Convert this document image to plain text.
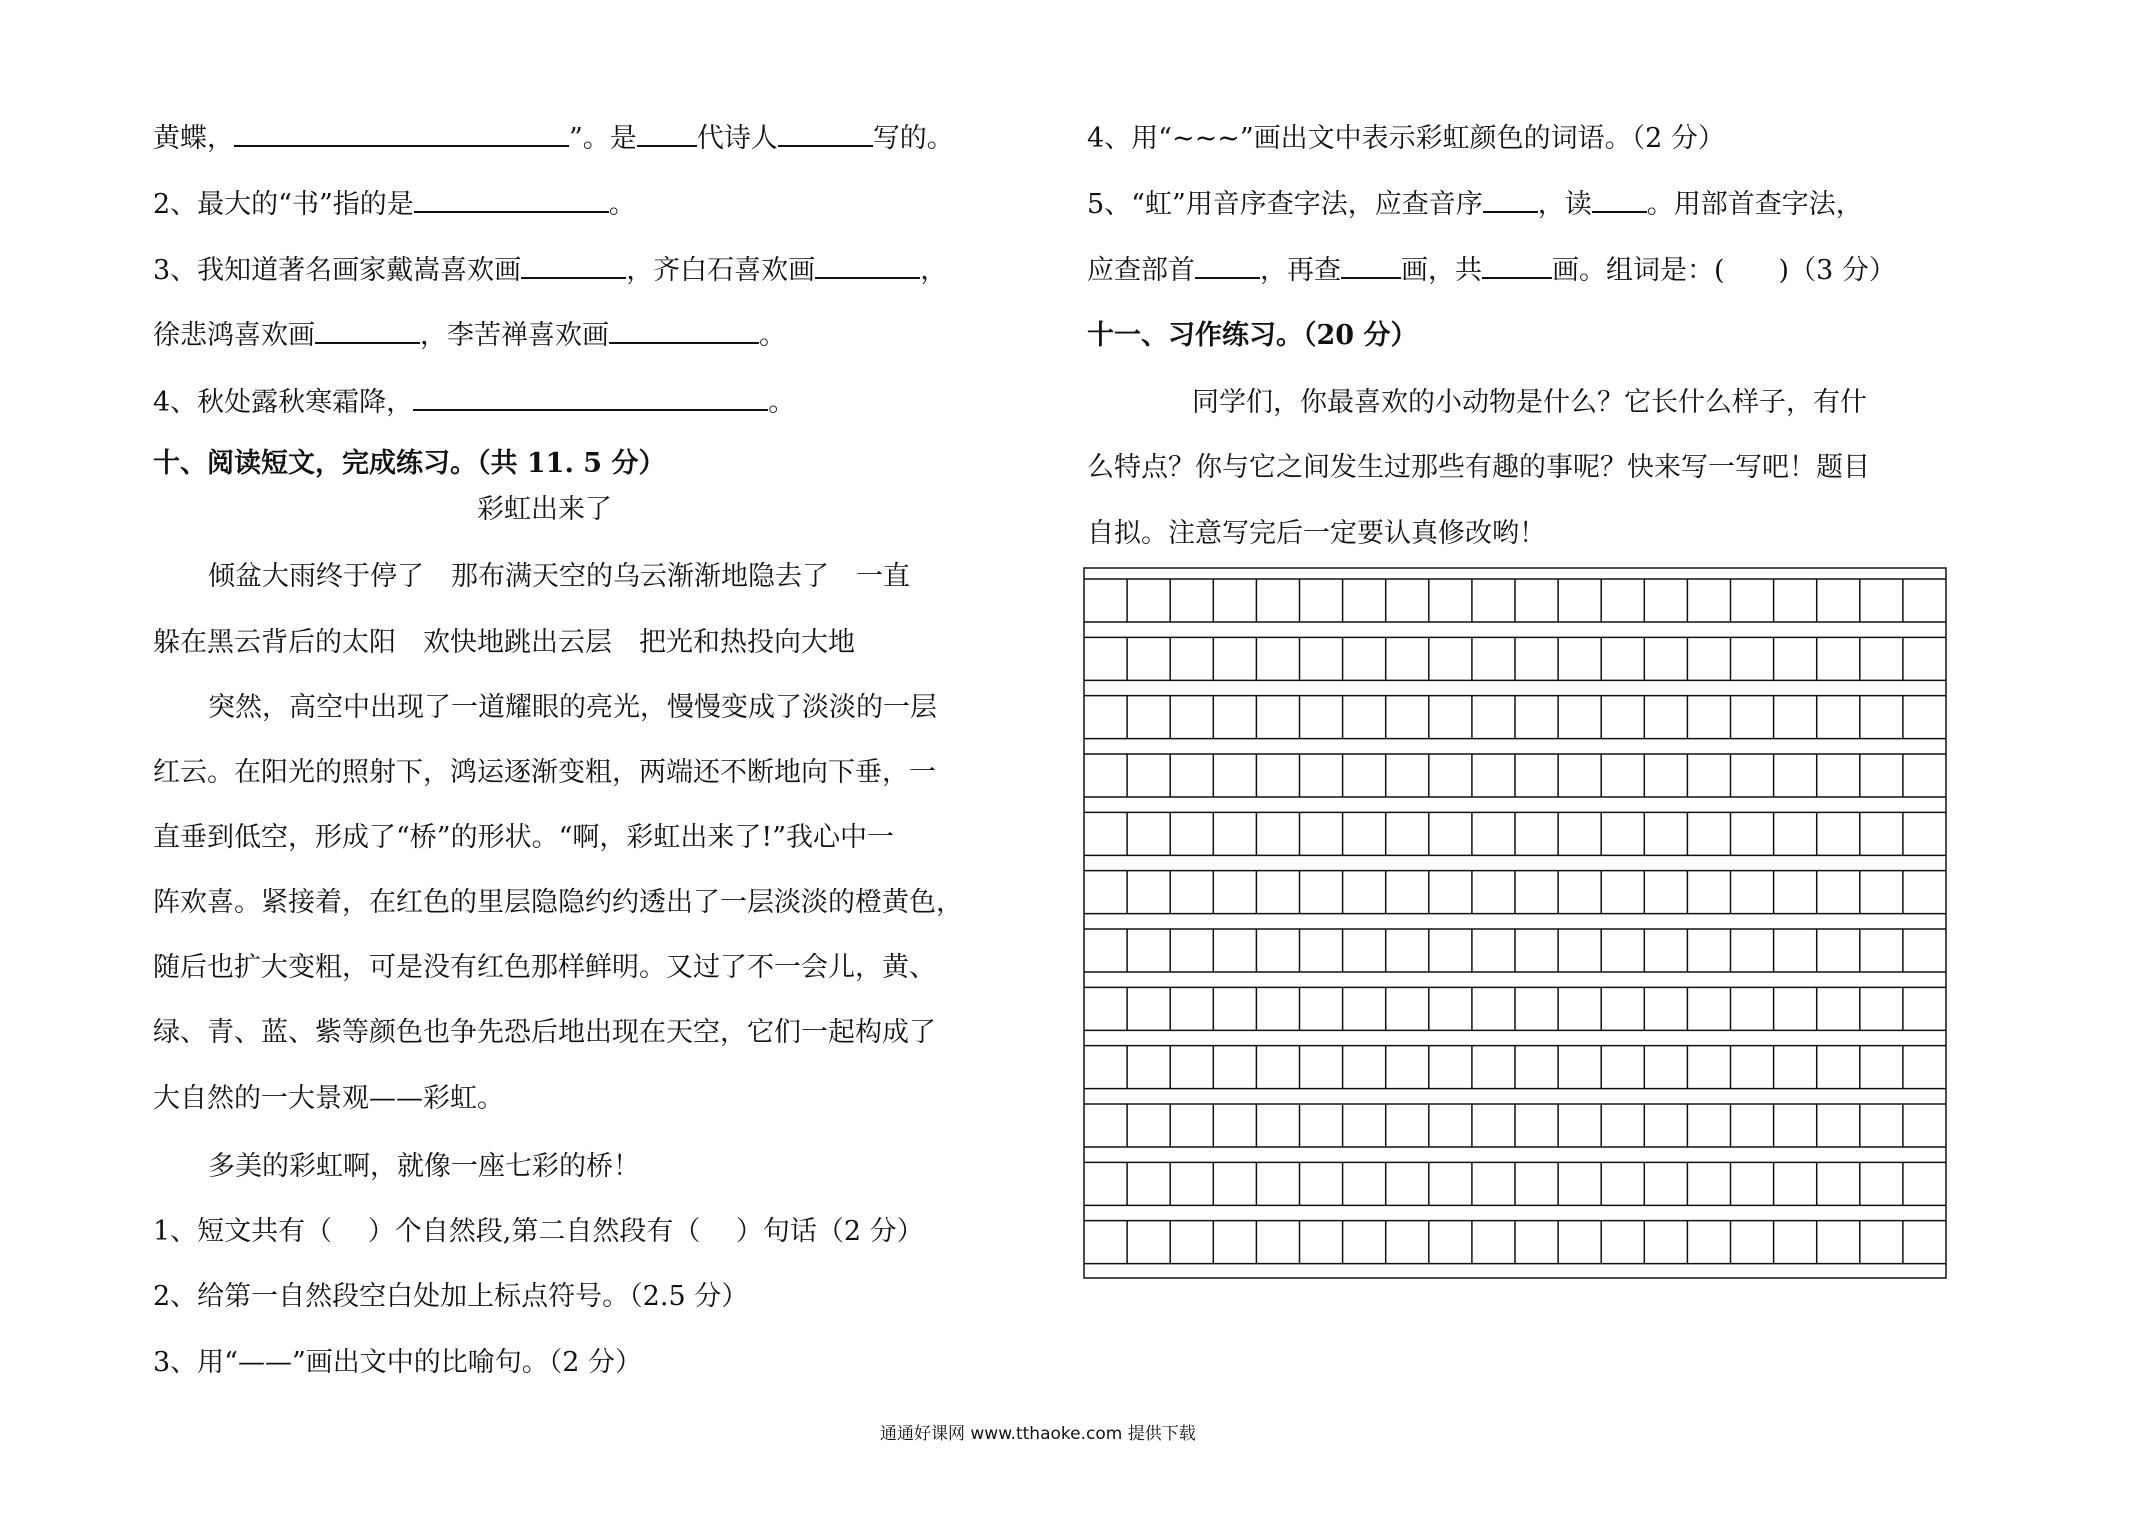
黄蝶，	”。是 代诗人	写的。
2、最大的“书”指的是	。
3、我知道著名画家戴嵩喜欢画	，齐白石喜欢画	，
徐悲鸿喜欢画	，李苦禅喜欢画	。
4、秋处露秋寒霜降，	。
十、阅读短文，完成练习。（共 11. 5 分）
彩虹出来了
倾盆大雨终于停了　那布满天空的乌云渐渐地隐去了　一直
躲在黑云背后的太阳　欢快地跳出云层　把光和热投向大地
突然，高空中出现了一道耀眼的亮光，慢慢变成了淡淡的一层
红云。在阳光的照射下，鸿运逐渐变粗，两端还不断地向下垂，一
直垂到低空，形成了“桥”的形状。“啊，彩虹出来了!”我心中一
阵欢喜。紧接着，在红色的里层隐隐约约透出了一层淡淡的橙黄色，
随后也扩大变粗，可是没有红色那样鲜明。又过了不一会儿，黄、
绿、青、蓝、紫等颜色也争先恐后地出现在天空，它们一起构成了
大自然的一大景观——彩虹。
多美的彩虹啊，就像一座七彩的桥！
1、短文共有（　 ）个自然段,第二自然段有（　 ）句话（2 分）
2、给第一自然段空白处加上标点符号。（2.5 分）
3、用“——”画出文中的比喻句。（2 分）
4、用“~~~”画出文中表示彩虹颜色的词语。（2 分）
5、“虹”用音序查字法，应查音序 ，读 。用部首查字法，
应查部首 ，再查 画，共	画。组词是：(　　)（3 分）
十一、习作练习。（20 分）
同学们，你最喜欢的小动物是什么？它长什么样子，有什
么特点？你与它之间发生过那些有趣的事呢？快来写一写吧！题目
自拟。注意写完后一定要认真修改哟！
通通好课网 www.tthaoke.com 提供下载
